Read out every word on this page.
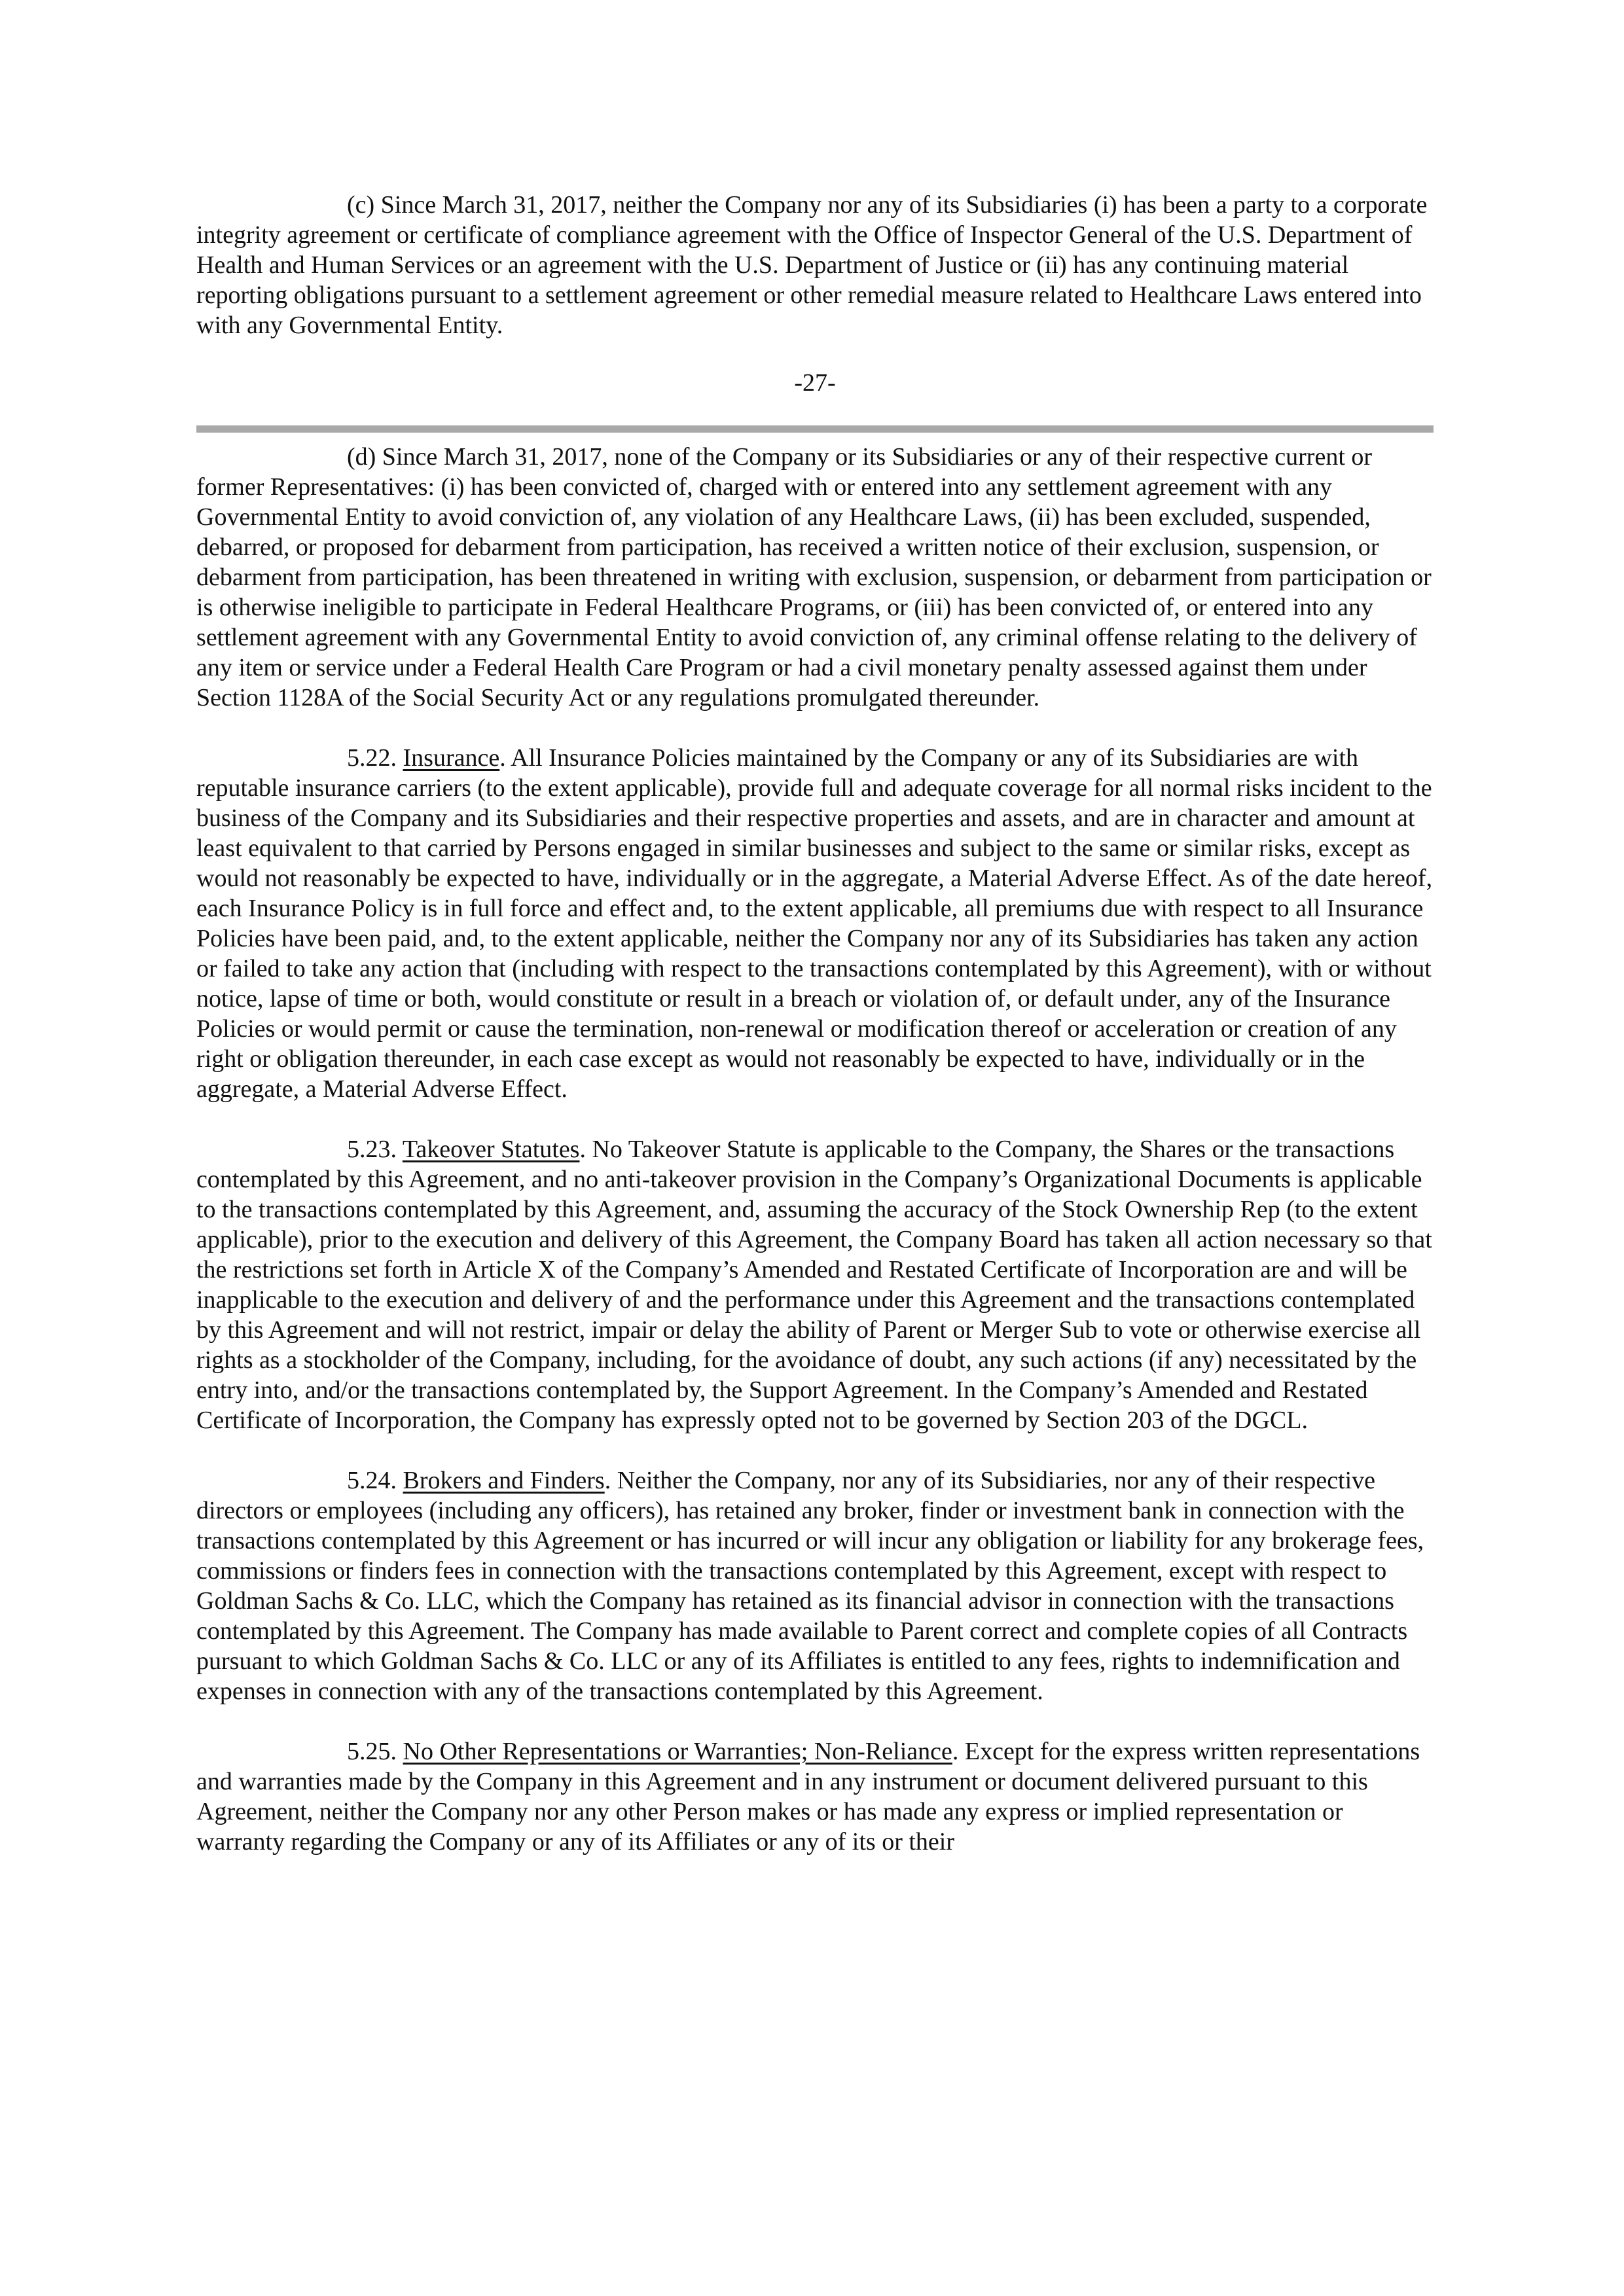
(c) Since March 31, 2017, neither the Company nor any of its Subsidiaries (i) has been a party to a corporate integrity agreement or certificate of compliance agreement with the Office of Inspector General of the U.S. Department of Health and Human Services or an agreement with the U.S. Department of Justice or (ii) has any continuing material reporting obligations pursuant to a settlement agreement or other remedial measure related to Healthcare Laws entered into with any Governmental Entity.

-27-

(d) Since March 31, 2017, none of the Company or its Subsidiaries or any of their respective current or former Representatives: (i) has been convicted of, charged with or entered into any settlement agreement with any Governmental Entity to avoid conviction of, any violation of any Healthcare Laws, (ii) has been excluded, suspended, debarred, or proposed for debarment from participation, has received a written notice of their exclusion, suspension, or debarment from participation, has been threatened in writing with exclusion, suspension, or debarment from participation or is otherwise ineligible to participate in Federal Healthcare Programs, or (iii) has been convicted of, or entered into any settlement agreement with any Governmental Entity to avoid conviction of, any criminal offense relating to the delivery of any item or service under a Federal Health Care Program or had a civil monetary penalty assessed against them under Section 1128A of the Social Security Act or any regulations promulgated thereunder.

5.22. Insurance. All Insurance Policies maintained by the Company or any of its Subsidiaries are with reputable insurance carriers (to the extent applicable), provide full and adequate coverage for all normal risks incident to the business of the Company and its Subsidiaries and their respective properties and assets, and are in character and amount at least equivalent to that carried by Persons engaged in similar businesses and subject to the same or similar risks, except as would not reasonably be expected to have, individually or in the aggregate, a Material Adverse Effect. As of the date hereof, each Insurance Policy is in full force and effect and, to the extent applicable, all premiums due with respect to all Insurance Policies have been paid, and, to the extent applicable, neither the Company nor any of its Subsidiaries has taken any action or failed to take any action that (including with respect to the transactions contemplated by this Agreement), with or without notice, lapse of time or both, would constitute or result in a breach or violation of, or default under, any of the Insurance Policies or would permit or cause the termination, non-renewal or modification thereof or acceleration or creation of any right or obligation thereunder, in each case except as would not reasonably be expected to have, individually or in the aggregate, a Material Adverse Effect.

5.23. Takeover Statutes. No Takeover Statute is applicable to the Company, the Shares or the transactions contemplated by this Agreement, and no anti-takeover provision in the Company’s Organizational Documents is applicable to the transactions contemplated by this Agreement, and, assuming the accuracy of the Stock Ownership Rep (to the extent applicable), prior to the execution and delivery of this Agreement, the Company Board has taken all action necessary so that the restrictions set forth in Article X of the Company’s Amended and Restated Certificate of Incorporation are and will be inapplicable to the execution and delivery of and the performance under this Agreement and the transactions contemplated by this Agreement and will not restrict, impair or delay the ability of Parent or Merger Sub to vote or otherwise exercise all rights as a stockholder of the Company, including, for the avoidance of doubt, any such actions (if any) necessitated by the entry into, and/or the transactions contemplated by, the Support Agreement. In the Company’s Amended and Restated Certificate of Incorporation, the Company has expressly opted not to be governed by Section 203 of the DGCL.

5.24. Brokers and Finders. Neither the Company, nor any of its Subsidiaries, nor any of their respective directors or employees (including any officers), has retained any broker, finder or investment bank in connection with the transactions contemplated by this Agreement or has incurred or will incur any obligation or liability for any brokerage fees, commissions or finders fees in connection with the transactions contemplated by this Agreement, except with respect to Goldman Sachs & Co. LLC, which the Company has retained as its financial advisor in connection with the transactions contemplated by this Agreement. The Company has made available to Parent correct and complete copies of all Contracts pursuant to which Goldman Sachs & Co. LLC or any of its Affiliates is entitled to any fees, rights to indemnification and expenses in connection with any of the transactions contemplated by this Agreement.

5.25. No Other Representations or Warranties; Non-Reliance. Except for the express written representations and warranties made by the Company in this Agreement and in any instrument or document delivered pursuant to this Agreement, neither the Company nor any other Person makes or has made any express or implied representation or warranty regarding the Company or any of its Affiliates or any of its or their
